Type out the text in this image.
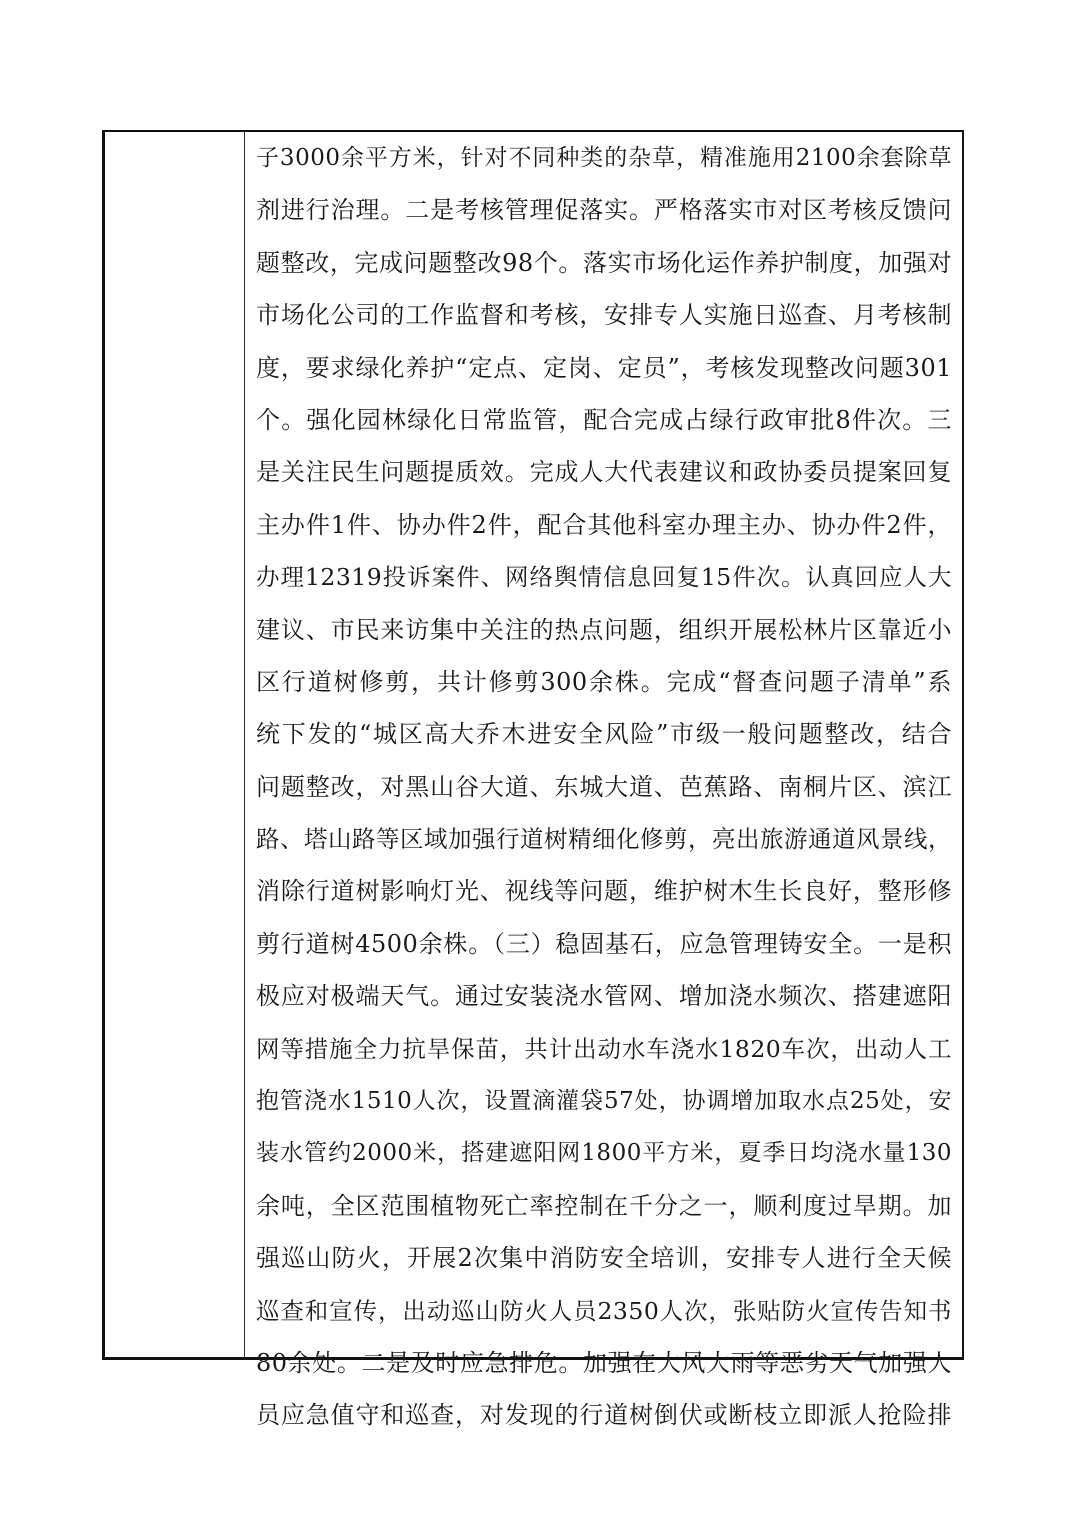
子3000余平方米，针对不同种类的杂草，精准施用2100余套除草
剂进行治理。二是考核管理促落实。严格落实市对区考核反馈问
题整改，完成问题整改98个。落实市场化运作养护制度，加强对
市场化公司的工作监督和考核，安排专人实施日巡查、月考核制
度，要求绿化养护“定点、定岗、定员”，考核发现整改问题301
个。强化园林绿化日常监管，配合完成占绿行政审批8件次。三
是关注民生问题提质效。完成人大代表建议和政协委员提案回复
主办件1件、协办件2件，配合其他科室办理主办、协办件2件，
办理12319投诉案件、网络舆情信息回复15件次。认真回应人大
建议、市民来访集中关注的热点问题，组织开展松林片区靠近小
区行道树修剪，共计修剪300余株。完成“督查问题子清单”系
统下发的“城区高大乔木进安全风险”市级一般问题整改，结合
问题整改，对黑山谷大道、东城大道、芭蕉路、南桐片区、滨江
路、塔山路等区域加强行道树精细化修剪，亮出旅游通道风景线，
消除行道树影响灯光、视线等问题，维护树木生长良好，整形修
剪行道树4500余株。（三）稳固基石，应急管理铸安全。一是积
极应对极端天气。通过安装浇水管网、增加浇水频次、搭建遮阳
网等措施全力抗旱保苗，共计出动水车浇水1820车次，出动人工
抱管浇水1510人次，设置滴灌袋57处，协调增加取水点25处，安
装水管约2000米，搭建遮阳网1800平方米，夏季日均浇水量130
余吨，全区范围植物死亡率控制在千分之一，顺利度过旱期。加
强巡山防火，开展2次集中消防安全培训，安排专人进行全天候
巡查和宣传，出动巡山防火人员2350人次，张贴防火宣传告知书
80余处。二是及时应急排危。加强在大风大雨等恶劣天气加强人
员应急值守和巡查，对发现的行道树倒伏或断枝立即派人抢险排
